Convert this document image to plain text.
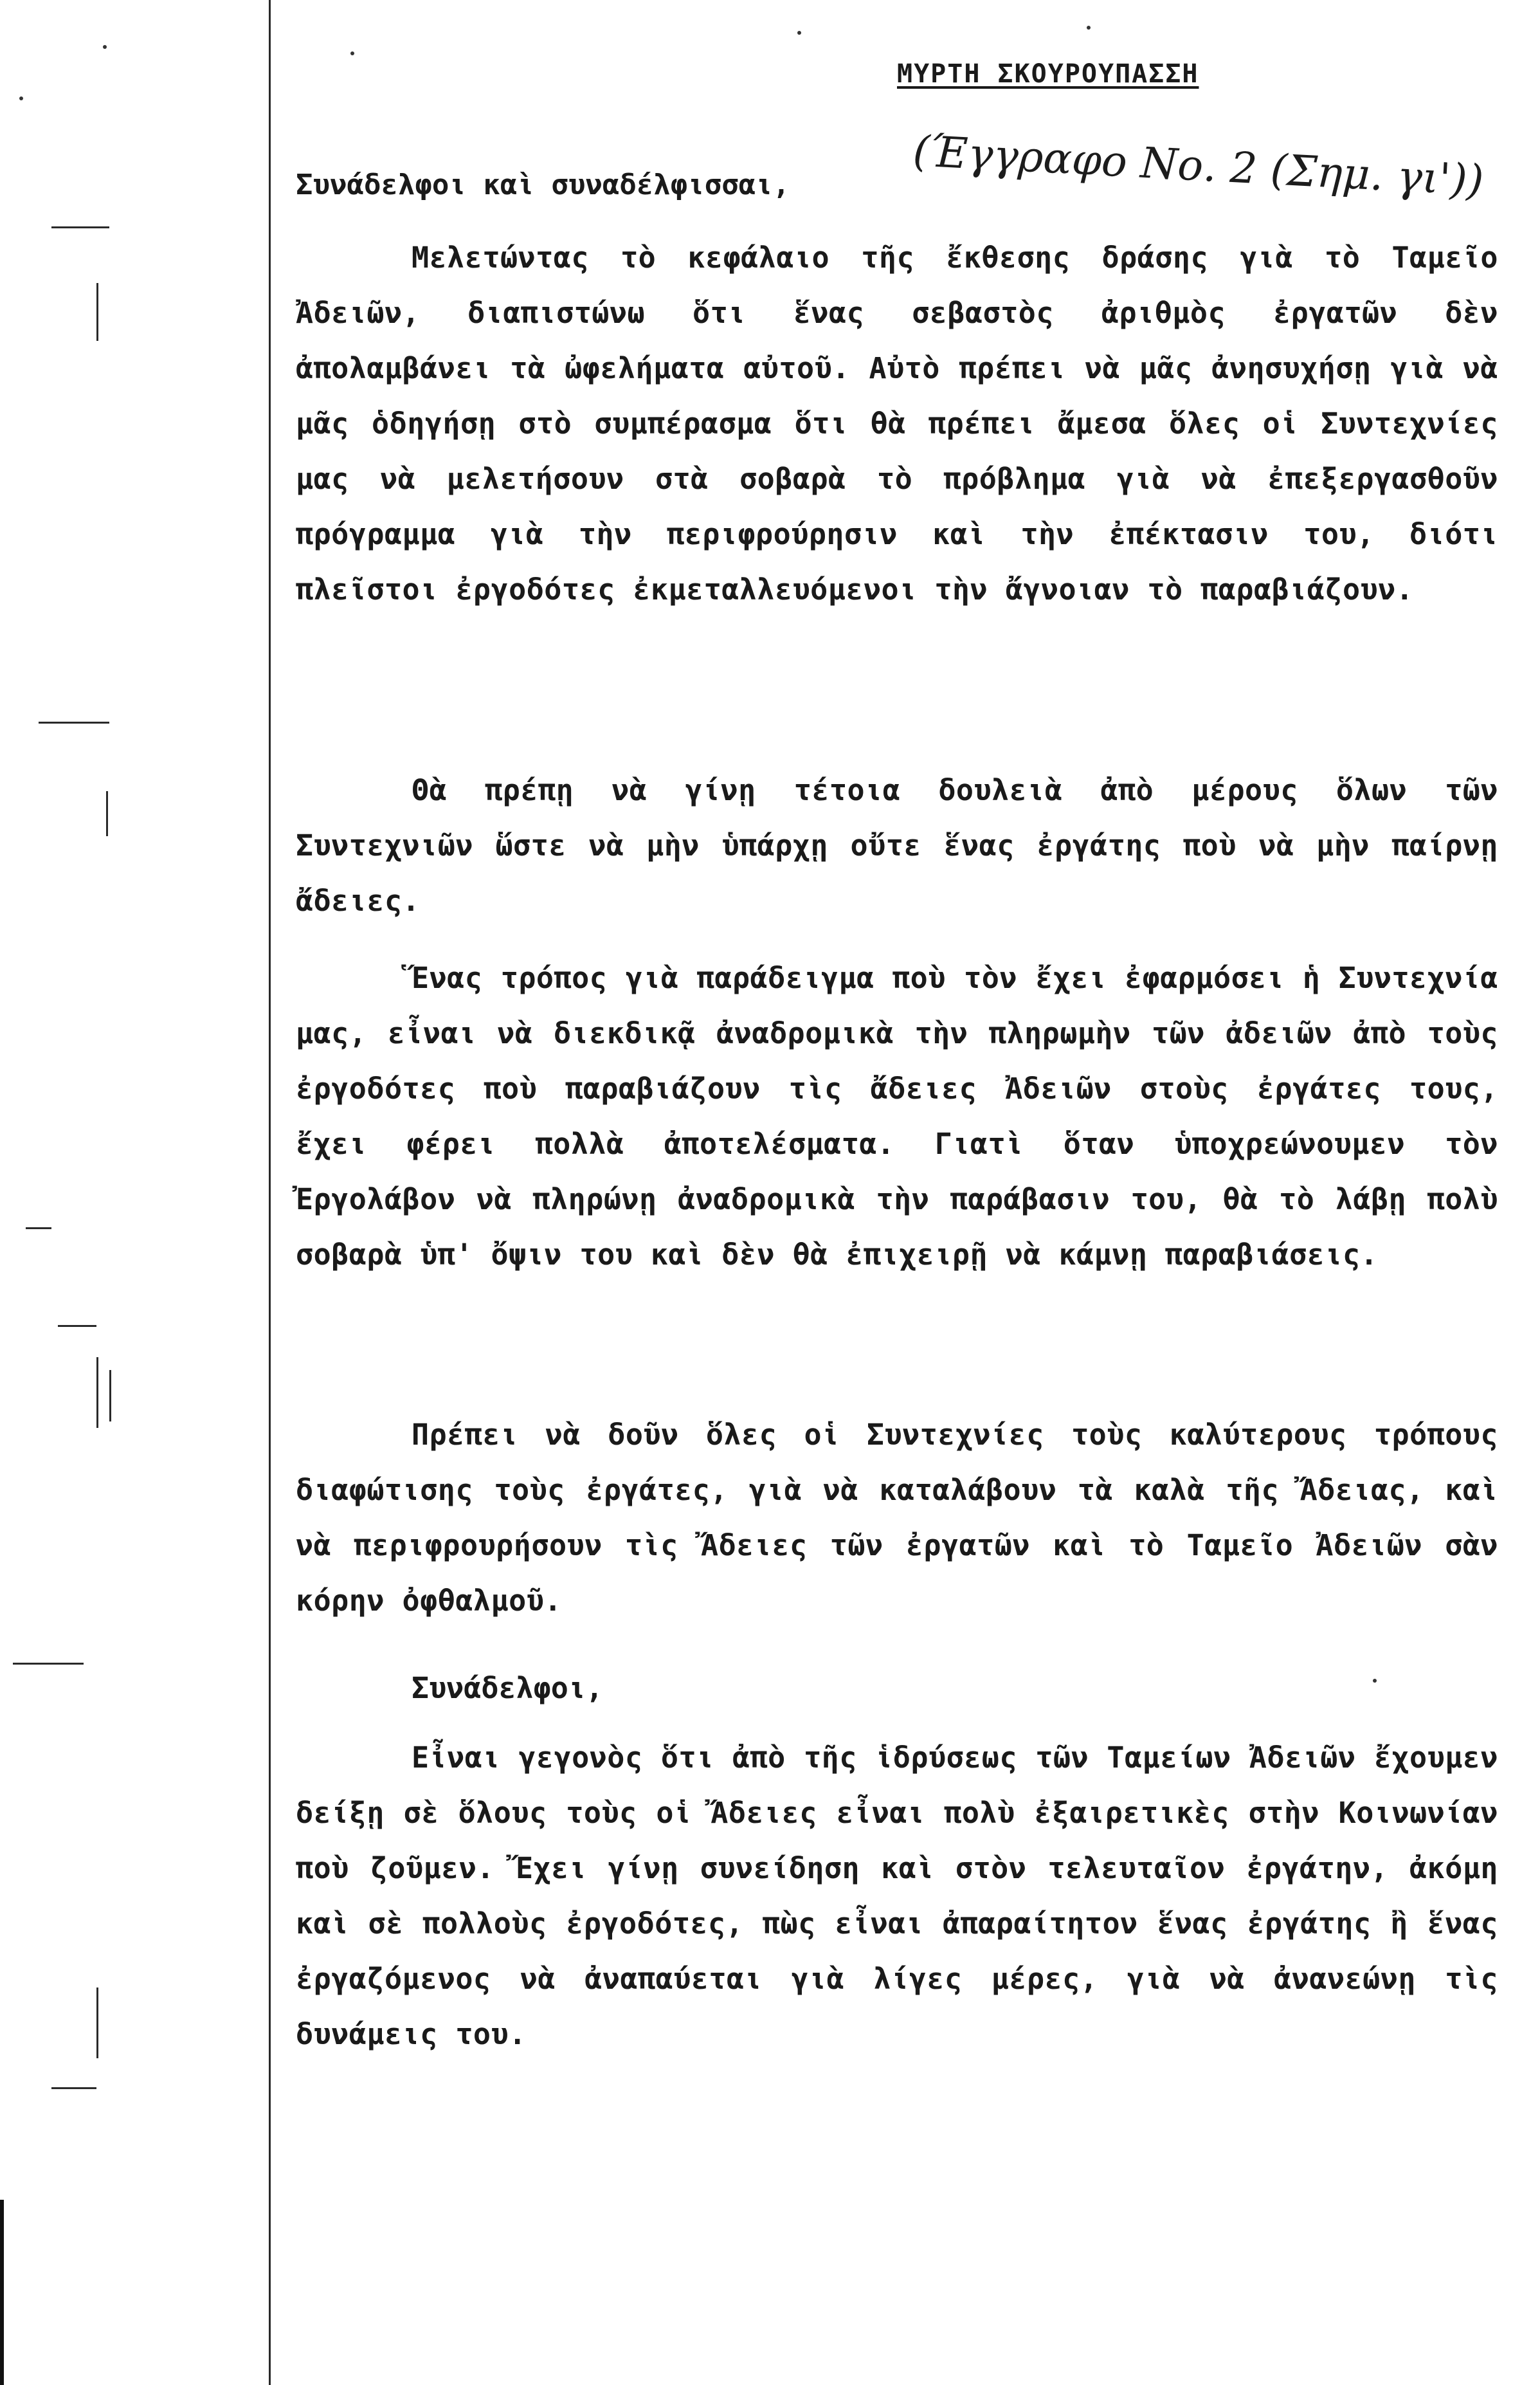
ΜΥΡΤΗ ΣΚΟΥΡΟΥΠΑΣΣΗ
Συνάδελφοι καὶ συναδέλφισσαι,	(Έγγραφο Νο. 2 (Σημ. γι'))
Μελετώντας τὸ κεφάλαιο τῆς ἔκθεσης δράσης γιὰ τὸ Ταμεῖο Ἀδειῶν, διαπιστώνω ὅτι ἕνας σεβαστὸς ἀριθμὸς ἐργατῶν δὲν ἀπολαμβάνει τὰ ὠφελήματα αὐτοῦ. Αὐτὸ πρέπει νὰ μᾶς ἀνησυχήσῃ γιὰ νὰ μᾶς ὁδηγήσῃ στὸ συμπέρασμα ὅτι θὰ πρέπει ἄμεσα ὅλες οἱ Συντεχνίες μας νὰ μελετήσουν στὰ σοβαρὰ τὸ πρόβλημα γιὰ νὰ ἐπεξεργασθοῦν πρόγραμμα γιὰ τὴν περιφρούρησιν καὶ τὴν ἐπέκτασιν του, διότι πλεῖστοι ἐργοδότες ἐκμεταλλευόμενοι τὴν ἄγνοιαν τὸ παραβιάζουν.
Θὰ πρέπῃ νὰ γίνῃ τέτοια δουλειὰ ἀπὸ μέρους ὅλων τῶν Συντεχνιῶν ὥστε νὰ μὴν ὑπάρχῃ οὔτε ἕνας ἐργάτης ποὺ νὰ μὴν παίρνῃ ἄδειες.
Ἕνας τρόπος γιὰ παράδειγμα ποὺ τὸν ἔχει ἐφαρμόσει ἡ Συντεχνία μας, εἶναι νὰ διεκδικᾷ ἀναδρομικὰ τὴν πληρωμὴν τῶν ἀδειῶν ἀπὸ τοὺς ἐργοδότες ποὺ παραβιάζουν τὶς ἄδειες Ἀδειῶν στοὺς ἐργάτες τους, ἔχει φέρει πολλὰ ἀποτελέσματα. Γιατὶ ὅταν ὑποχρεώνουμεν τὸν Ἐργολάβον νὰ πληρώνῃ ἀναδρομικὰ τὴν παράβασιν του, θὰ τὸ λάβῃ πολὺ σοβαρὰ ὑπ' ὄψιν του καὶ δὲν θὰ ἐπιχειρῇ νὰ κάμνῃ παραβιάσεις.
Πρέπει νὰ δοῦν ὅλες οἱ Συντεχνίες τοὺς καλύτερους τρόπους διαφώτισης τοὺς ἐργάτες, γιὰ νὰ καταλάβουν τὰ καλὰ τῆς Ἄδειας, καὶ νὰ περιφρουρήσουν τὶς Ἄδειες τῶν ἐργατῶν καὶ τὸ Ταμεῖο Ἀδειῶν σὰν κόρην ὀφθαλμοῦ.
Συνάδελφοι,
Εἶναι γεγονὸς ὅτι ἀπὸ τῆς ἱδρύσεως τῶν Ταμείων Ἀδειῶν ἔχουμεν δείξῃ σὲ ὅλους τοὺς οἱ Ἄδειες εἶναι πολὺ ἐξαιρετικὲς στὴν Κοινωνίαν ποὺ ζοῦμεν. Ἔχει γίνῃ συνείδηση καὶ στὸν τελευταῖον ἐργάτην, ἀκόμη καὶ σὲ πολλοὺς ἐργοδότες, πὼς εἶναι ἀπαραίτητον ἕνας ἐργάτης ἢ ἕνας ἐργαζόμενος νὰ ἀναπαύεται γιὰ λίγες μέρες, γιὰ νὰ ἀνανεώνῃ τὶς δυνάμεις του.
